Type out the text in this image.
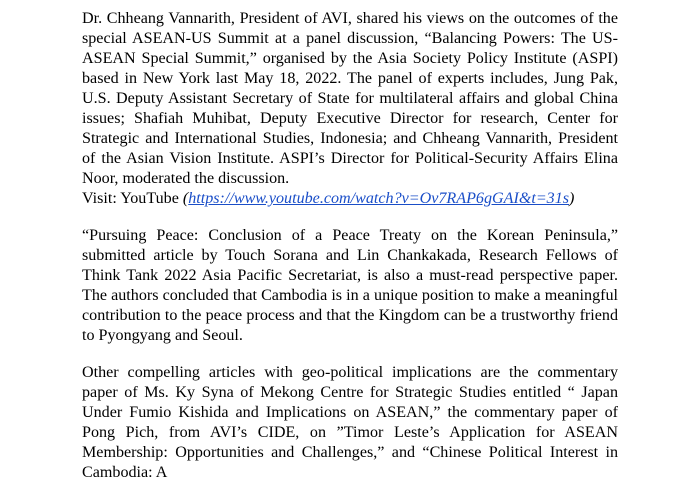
Dr. Chheang Vannarith, President of AVI, shared his views on the outcomes of the special ASEAN-US Summit at a panel discussion, “Balancing Powers: The US-ASEAN Special Summit,” organised by the Asia Society Policy Institute (ASPI) based in New York last May 18, 2022. The panel of experts includes, Jung Pak, U.S. Deputy Assistant Secretary of State for multilateral affairs and global China issues; Shafiah Muhibat, Deputy Executive Director for research, Center for Strategic and International Studies, Indonesia; and Chheang Vannarith, President of the Asian Vision Institute. ASPI’s Director for Political-Security Affairs Elina Noor, moderated the discussion.

Visit: YouTube (https://www.youtube.com/watch?v=Ov7RAP6gGAI&t=31s)

“Pursuing Peace: Conclusion of a Peace Treaty on the Korean Peninsula,” submitted article by Touch Sorana and Lin Chankakada, Research Fellows of Think Tank 2022 Asia Pacific Secretariat, is also a must-read perspective paper. The authors concluded that Cambodia is in a unique position to make a meaningful contribution to the peace process and that the Kingdom can be a trustworthy friend to Pyongyang and Seoul.

Other compelling articles with geo-political implications are the commentary paper of Ms. Ky Syna of Mekong Centre for Strategic Studies entitled “ Japan Under Fumio Kishida and Implications on ASEAN,” the commentary paper of Pong Pich, from AVI’s CIDE, on ”Timor Leste’s Application for ASEAN Membership: Opportunities and Challenges,” and “Chinese Political Interest in Cambodia: A
